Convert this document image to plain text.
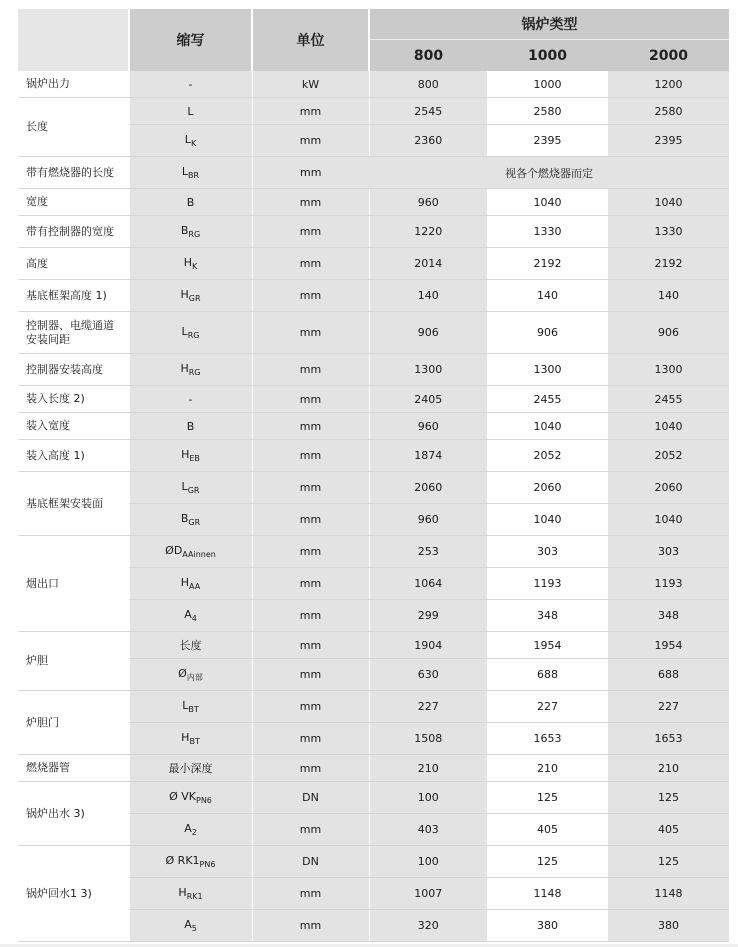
	缩写	单位	锅炉类型		
			800	1000	2000
锅炉出力	-	kW	800	1000	1200
长度	L	mm	2545	2580	2580
	$L_K$	mm	2360	2395	2395
带有燃烧器的长度	$L_{BR}$	mm	视各个燃烧器而定		
宽度	B	mm	960	1040	1040
带有控制器的宽度	$B_{RG}$	mm	1220	1330	1330
高度	$H_K$	mm	2014	2192	2192
基底框架高度 1)	$H_{GR}$	mm	140	140	140
控制器、电缆通道安装间距	$L_{RG}$	mm	906	906	906
控制器安装高度	$H_{RG}$	mm	1300	1300	1300
装入长度 2)	-	mm	2405	2455	2455
装入宽度	B	mm	960	1040	1040
装入高度 1)	$H_{EB}$	mm	1874	2052	2052
基底框架安装面	$L_{GR}$	mm	2060	2060	2060
	$B_{GR}$	mm	960	1040	1040
烟出口	$ØD_{AAinnen}$	mm	253	303	303
	$H_{AA}$	mm	1064	1193	1193
	$A_4$	mm	299	348	348
炉胆	长度	mm	1904	1954	1954
	$Ø_{内部}$	mm	630	688	688
炉胆门	$L_{BT}$	mm	227	227	227
	$H_{BT}$	mm	1508	1653	1653
燃烧器管	最小深度	mm	210	210	210
锅炉出水 3)	Ø $VK_{PN6}$	DN	100	125	125
	$A_2$	mm	403	405	405
锅炉回水1 3)	Ø $RK1_{PN6}$	DN	100	125	125
	$H_{RK1}$	mm	1007	1148	1148
	$A_5$	mm	320	380	380
